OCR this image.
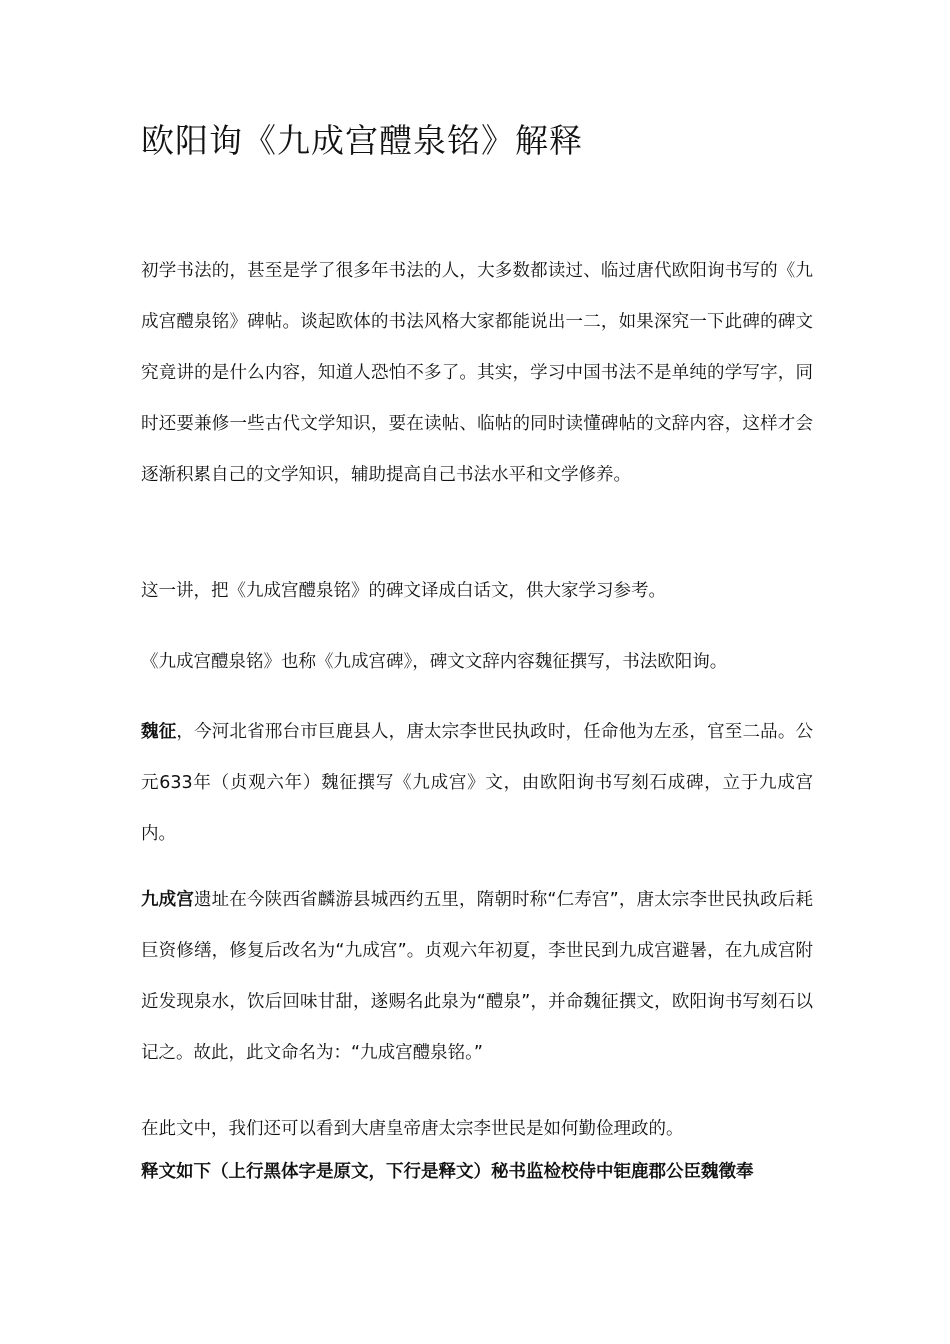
欧阳询《九成宫醴泉铭》解释

初学书法的，甚至是学了很多年书法的人，大多数都读过、临过唐代欧阳询书写的《九成宫醴泉铭》碑帖。谈起欧体的书法风格大家都能说出一二，如果深究一下此碑的碑文究竟讲的是什么内容，知道人恐怕不多了。其实，学习中国书法不是单纯的学写字，同时还要兼修一些古代文学知识，要在读帖、临帖的同时读懂碑帖的文辞内容，这样才会逐渐积累自己的文学知识，辅助提高自己书法水平和文学修养。

这一讲，把《九成宫醴泉铭》的碑文译成白话文，供大家学习参考。

《九成宫醴泉铭》也称《九成宫碑》，碑文文辞内容魏征撰写，书法欧阳询。

魏征，今河北省邢台市巨鹿县人，唐太宗李世民执政时，任命他为左丞，官至二品。公元633年（贞观六年）魏征撰写《九成宫》文，由欧阳询书写刻石成碑，立于九成宫内。

九成宫遗址在今陕西省麟游县城西约五里，隋朝时称“仁寿宫”，唐太宗李世民执政后耗巨资修缮，修复后改名为“九成宫”。贞观六年初夏，李世民到九成宫避暑，在九成宫附近发现泉水，饮后回味甘甜，遂赐名此泉为“醴泉”，并命魏征撰文，欧阳询书写刻石以记之。故此，此文命名为：“九成宫醴泉铭。”

在此文中，我们还可以看到大唐皇帝唐太宗李世民是如何勤俭理政的。

释文如下（上行黑体字是原文，下行是释文）秘书监检校侍中钜鹿郡公臣魏徵奉
